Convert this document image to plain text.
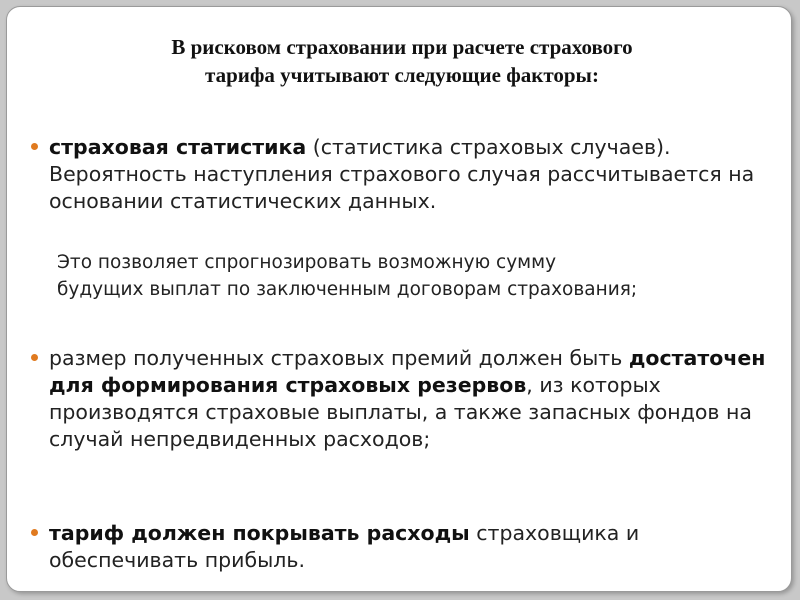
В рисковом страховании при расчете страхового
тарифа учитывают следующие факторы:
страховая статистика (статистика страховых случаев). Вероятность наступления страхового случая рассчитывается на основании статистических данных.
Это позволяет спрогнозировать возможную сумму
будущих выплат по заключенным договорам страхования;
размер полученных страховых премий должен быть достаточен для формирования страховых резервов, из которых производятся страховые выплаты, а также запасных фондов на случай непредвиденных расходов;
тариф должен покрывать расходы страховщика и обеспечивать прибыль.
